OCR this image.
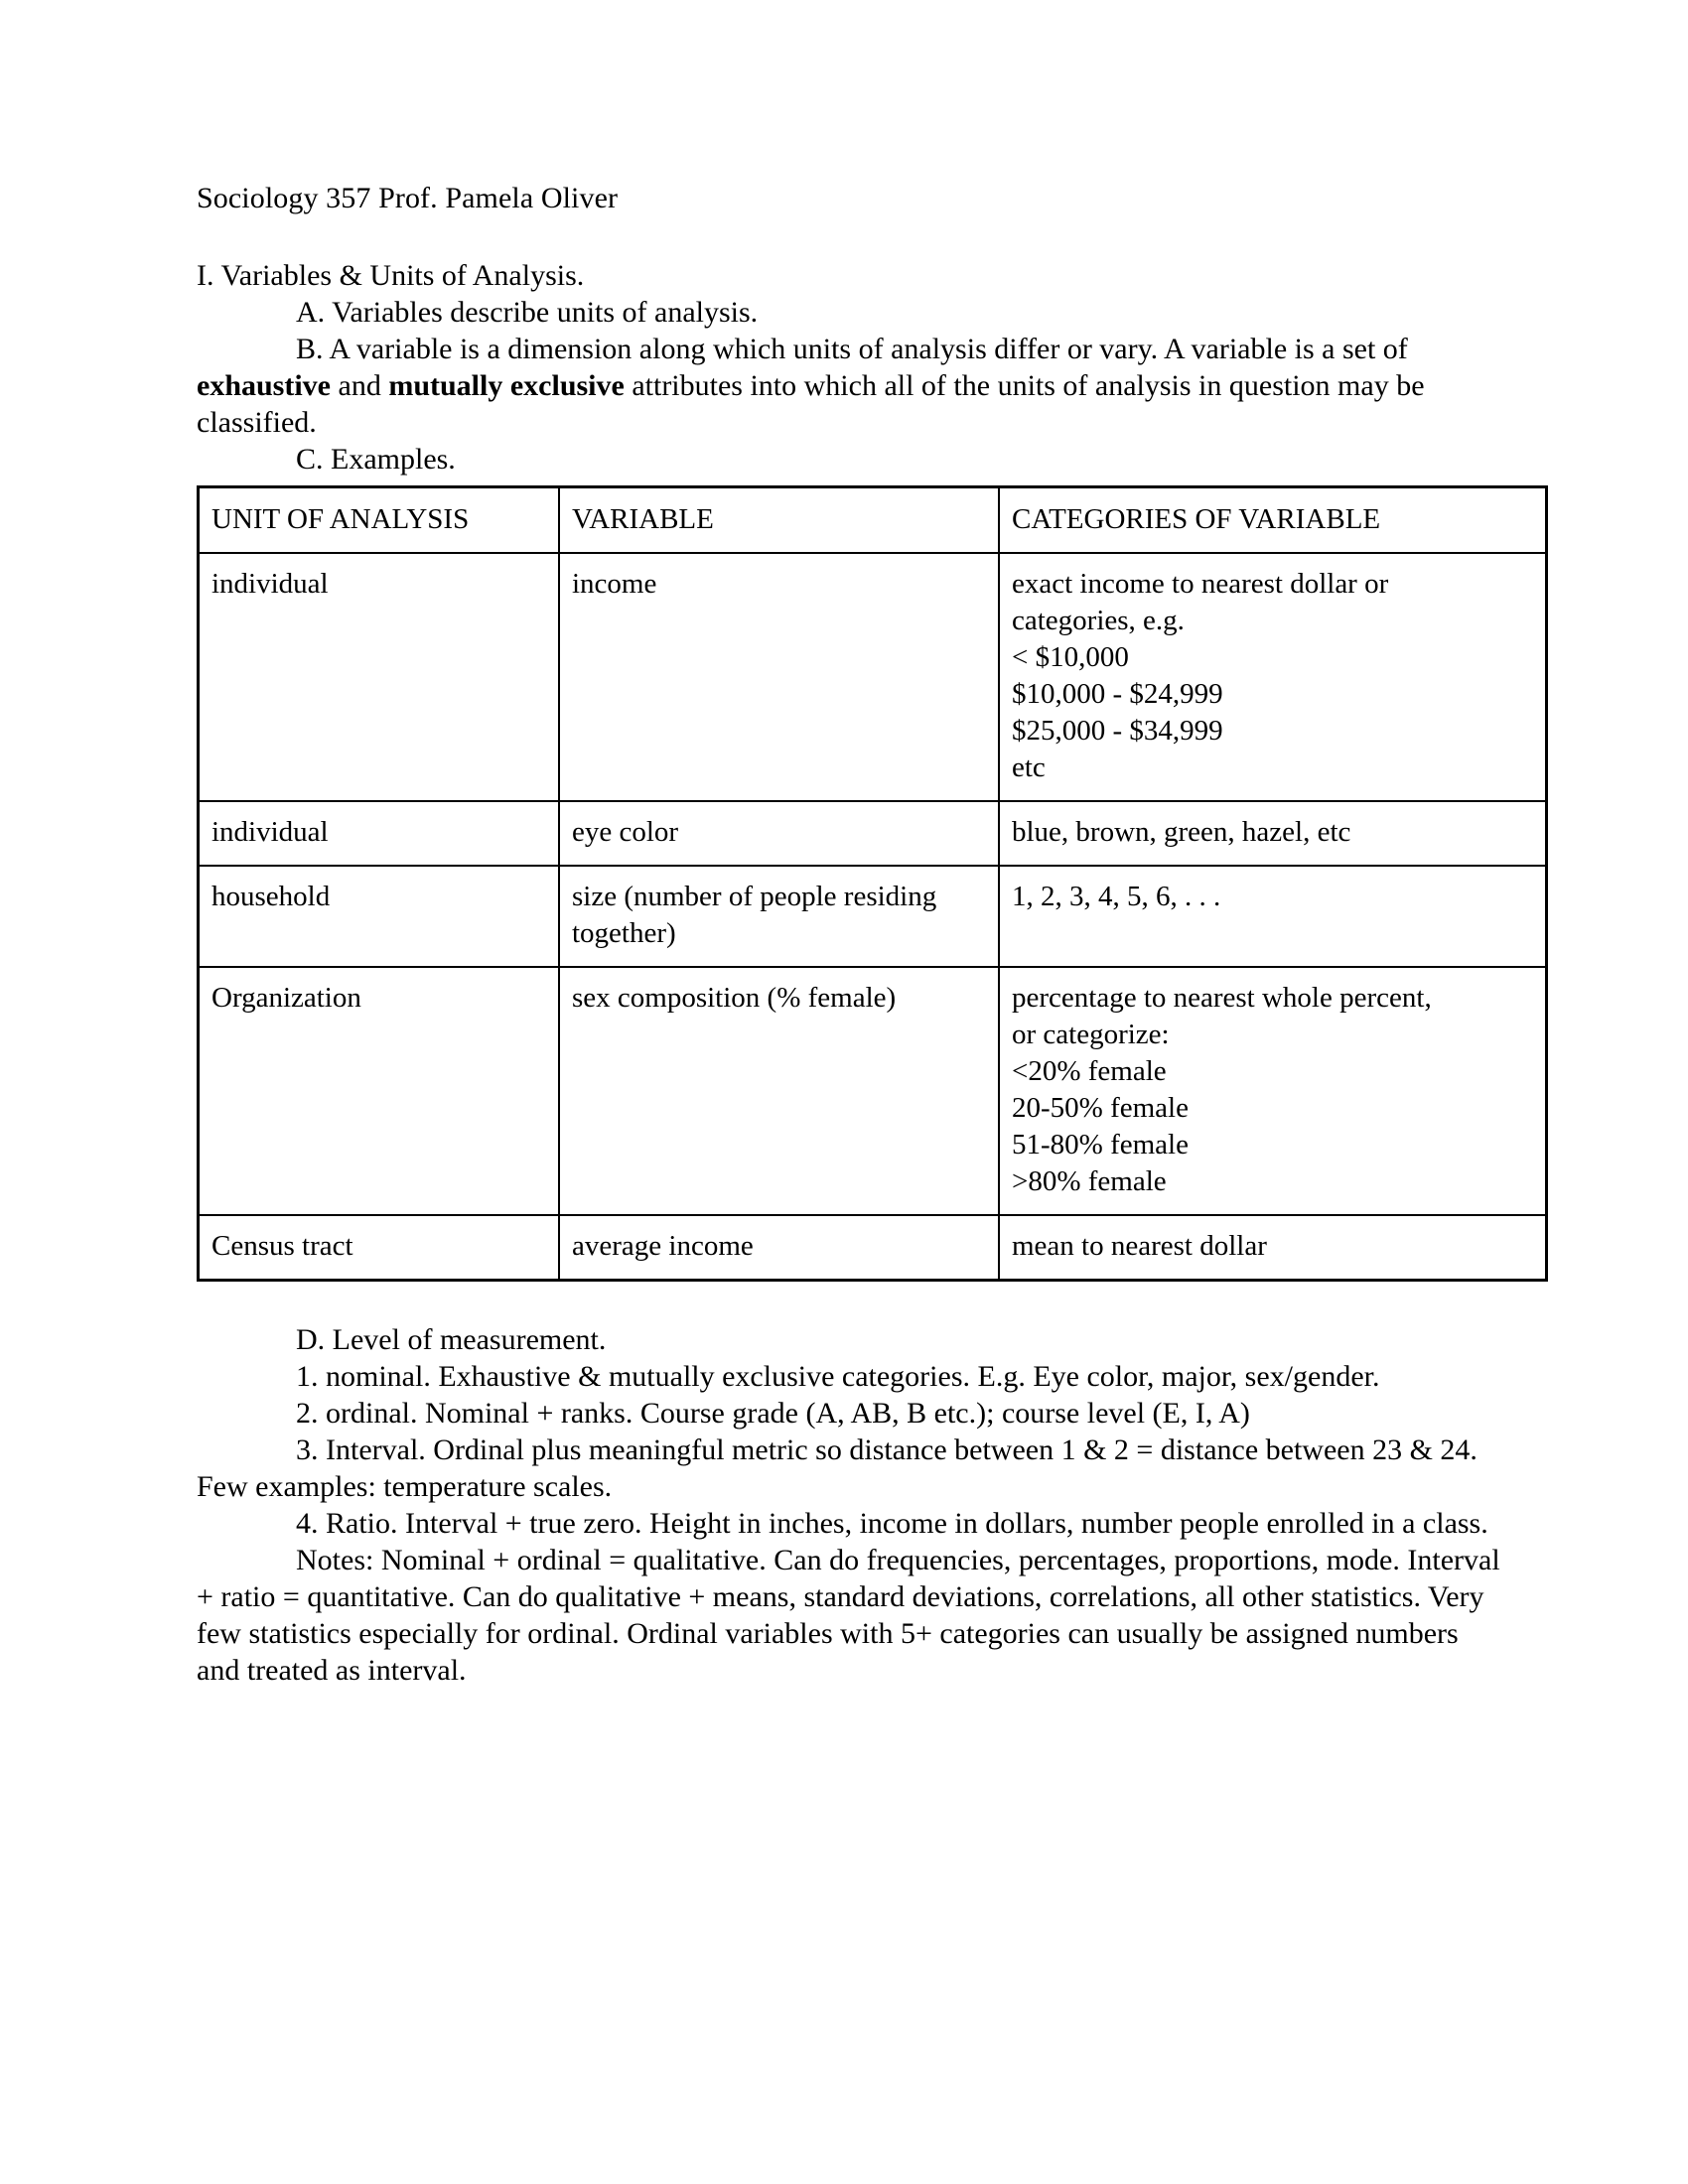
Sociology 357 Prof. Pamela Oliver

I. Variables & Units of Analysis.

A. Variables describe units of analysis.

B. A variable is a dimension along which units of analysis differ or vary. A variable is a set of exhaustive and mutually exclusive attributes into which all of the units of analysis in question may be classified.

C. Examples.

UNIT OF ANALYSIS	VARIABLE	CATEGORIES OF VARIABLE
individual	income	exact income to nearest dollar or
categories, e.g.
< $10,000
$10,000 - $24,999
$25,000 - $34,999
etc

individual	eye color	blue, brown, green, hazel, etc

household	size (number of people residing together)	1, 2, 3, 4, 5, 6, . . .

Organization	sex composition (% female)	percentage to nearest whole percent,
or categorize:
<20% female
20-50% female
51-80% female
>80% female

Census tract	average income	mean to nearest dollar

D. Level of measurement.

1. nominal. Exhaustive & mutually exclusive categories. E.g. Eye color, major, sex/gender.

2. ordinal. Nominal + ranks. Course grade (A, AB, B etc.); course level (E, I, A)

3. Interval. Ordinal plus meaningful metric so distance between 1 & 2 = distance between 23 & 24. Few examples: temperature scales.

4. Ratio. Interval + true zero. Height in inches, income in dollars, number people enrolled in a class.

Notes: Nominal + ordinal = qualitative. Can do frequencies, percentages, proportions, mode. Interval + ratio = quantitative. Can do qualitative + means, standard deviations, correlations, all other statistics. Very few statistics especially for ordinal. Ordinal variables with 5+ categories can usually be assigned numbers and treated as interval.
